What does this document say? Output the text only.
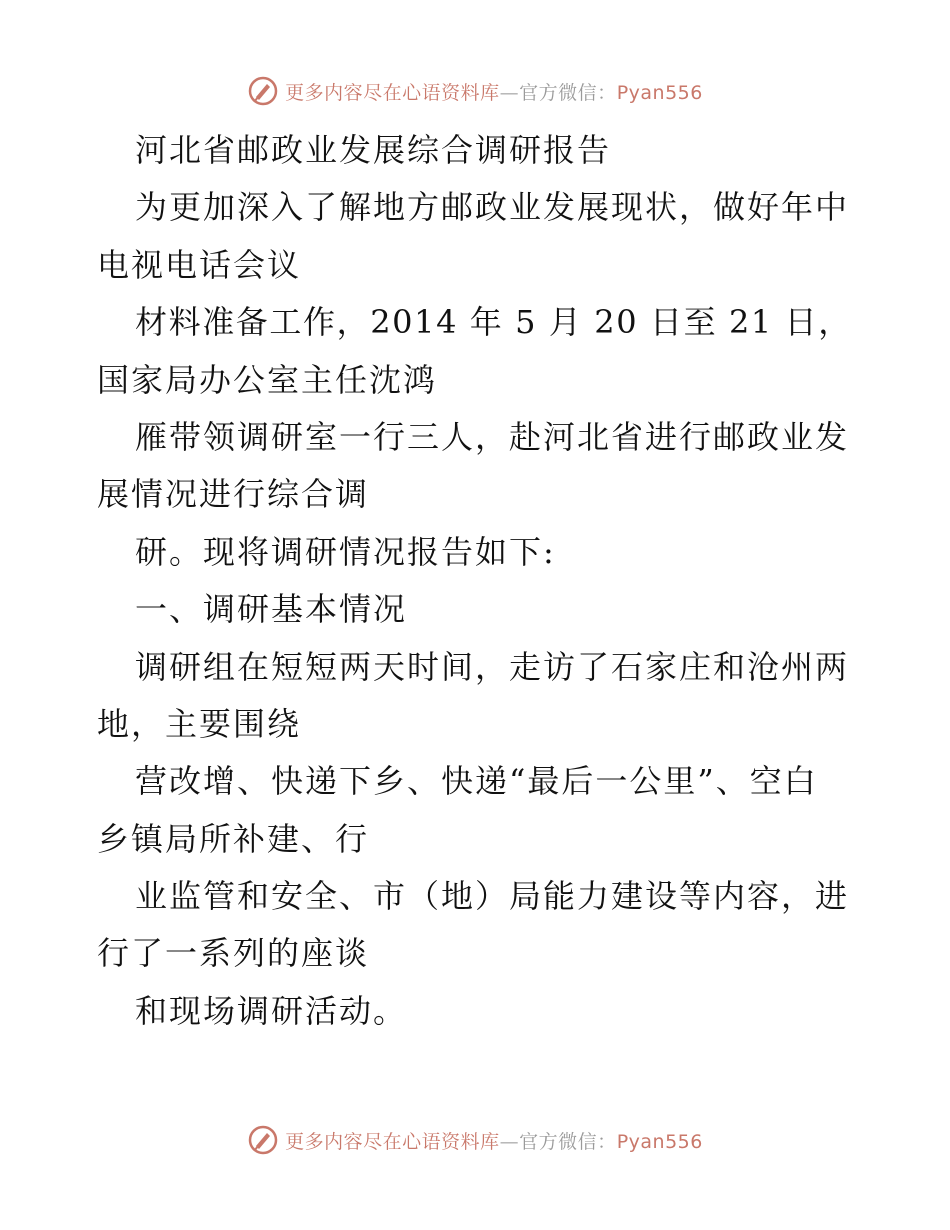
更多内容尽在心语资料库—官方微信：Pyan556
河北省邮政业发展综合调研报告
为更加深入了解地方邮政业发展现状，做好年中
电视电话会议
材料准备工作，2014 年 5 月 20 日至 21 日，
国家局办公室主任沈鸿
雁带领调研室一行三人，赴河北省进行邮政业发
展情况进行综合调
研。现将调研情况报告如下:
一、调研基本情况
调研组在短短两天时间，走访了石家庄和沧州两
地，主要围绕
营改增、快递下乡、快递“最后一公里”、空白
乡镇局所补建、行
业监管和安全、市（地）局能力建设等内容，进
行了一系列的座谈
和现场调研活动。
更多内容尽在心语资料库—官方微信：Pyan556
